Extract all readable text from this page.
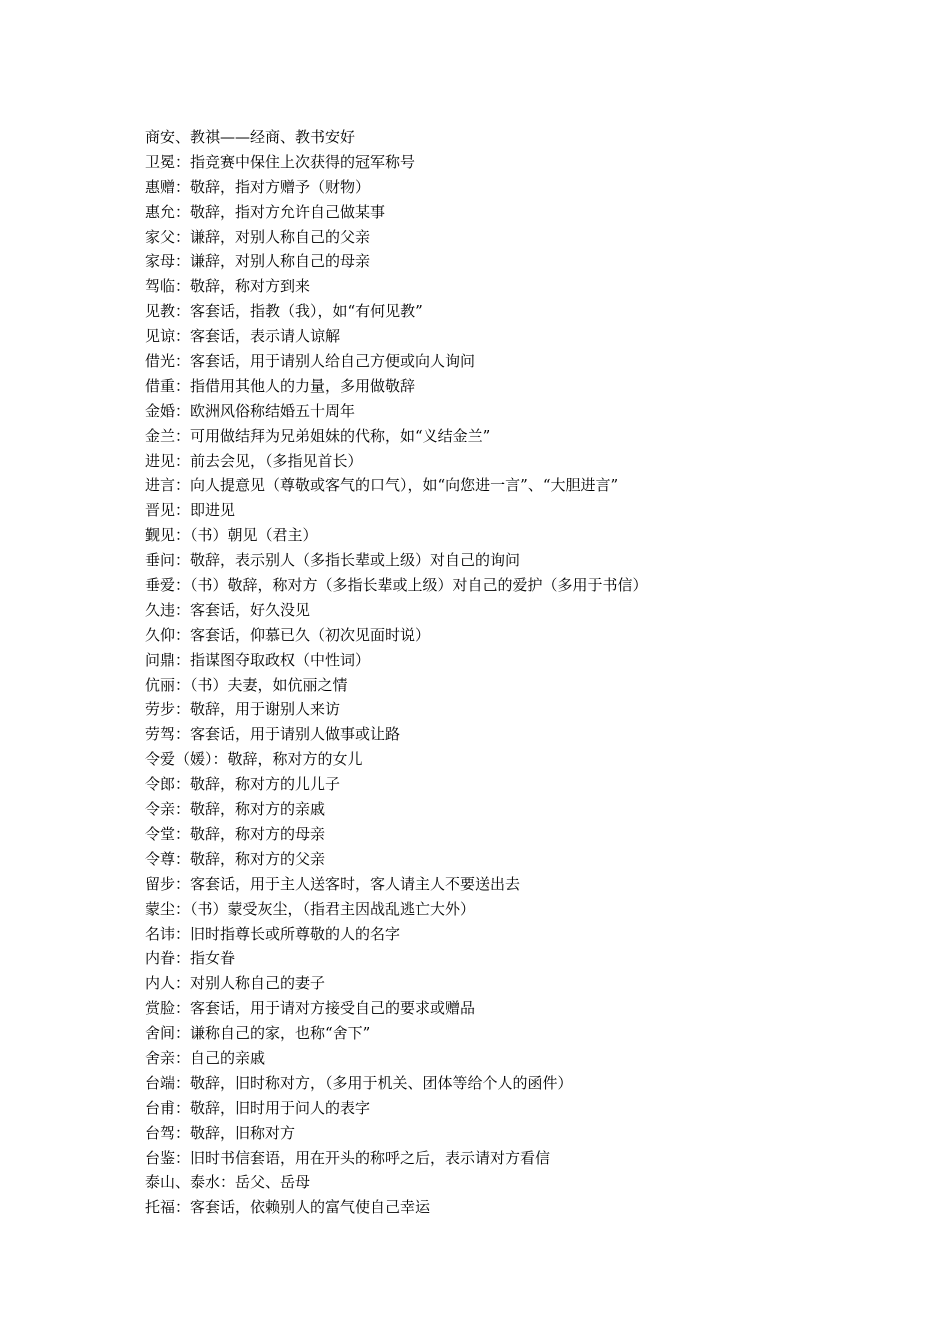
商安、教祺——经商、教书安好
卫冕：指竞赛中保住上次获得的冠军称号
惠赠：敬辞，指对方赠予（财物）
惠允：敬辞，指对方允许自己做某事
家父：谦辞，对别人称自己的父亲
家母：谦辞，对别人称自己的母亲
驾临：敬辞，称对方到来
见教：客套话，指教（我），如“有何见教”
见谅：客套话，表示请人谅解
借光：客套话，用于请别人给自己方便或向人询问
借重：指借用其他人的力量，多用做敬辞
金婚：欧洲风俗称结婚五十周年
金兰：可用做结拜为兄弟姐妹的代称，如“义结金兰”
进见：前去会见，（多指见首长）
进言：向人提意见（尊敬或客气的口气），如“向您进一言”、“大胆进言”
晋见：即进见
觐见：（书）朝见（君主）
垂问：敬辞，表示别人（多指长辈或上级）对自己的询问
垂爱：（书）敬辞，称对方（多指长辈或上级）对自己的爱护（多用于书信）
久违：客套话，好久没见
久仰：客套话，仰慕已久（初次见面时说）
问鼎：指谋图夺取政权（中性词）
伉丽：（书）夫妻，如伉丽之情
劳步：敬辞，用于谢别人来访
劳驾：客套话，用于请别人做事或让路
令爱（媛）：敬辞，称对方的女儿
令郎：敬辞，称对方的儿儿子
令亲：敬辞，称对方的亲戚
令堂：敬辞，称对方的母亲
令尊：敬辞，称对方的父亲
留步：客套话，用于主人送客时，客人请主人不要送出去
蒙尘：（书）蒙受灰尘，（指君主因战乱逃亡大外）
名讳：旧时指尊长或所尊敬的人的名字
内眷：指女眷
内人：对别人称自己的妻子
赏脸：客套话，用于请对方接受自己的要求或赠品
舍间：谦称自己的家，也称“舍下”
舍亲：自己的亲戚
台端：敬辞，旧时称对方，（多用于机关、团体等给个人的函件）
台甫：敬辞，旧时用于问人的表字
台驾：敬辞，旧称对方
台鉴：旧时书信套语，用在开头的称呼之后，表示请对方看信
泰山、泰水：岳父、岳母
托福：客套话，依赖别人的富气使自己幸运
